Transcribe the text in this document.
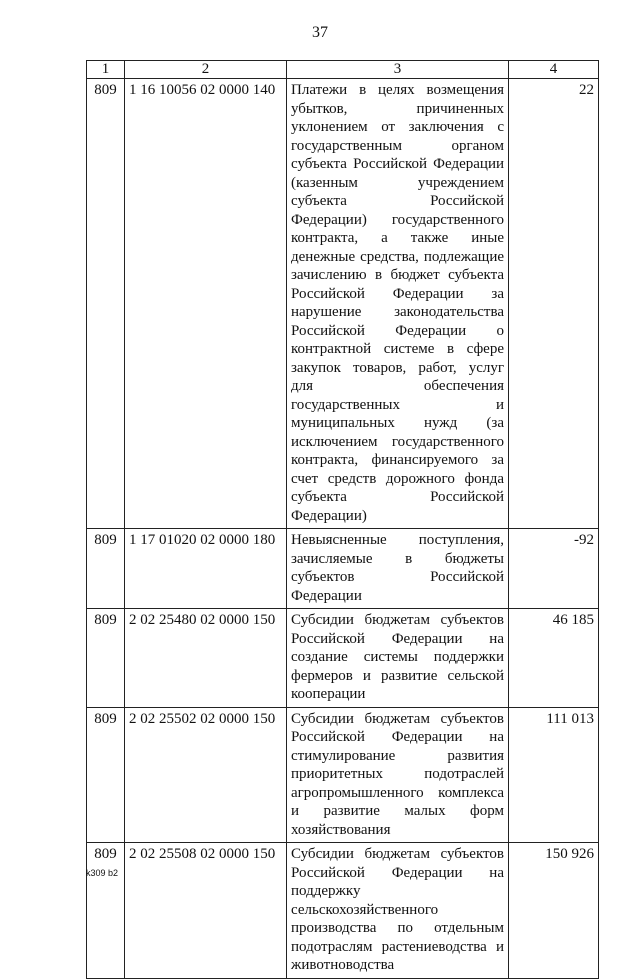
37
1	2	3	4
809	1 16 10056 02 0000 140	Платежи в целях возмещения убытков, причиненных уклонением от заключения с государственным органом субъекта Российской Федерации (казенным учреждением субъекта Российской Федерации) государственного контракта, а также иные денежные средства, подлежащие зачислению в бюджет субъекта Российской Федерации за нарушение законодательства Российской Федерации о контрактной системе в сфере закупок товаров, работ, услуг для обеспечения государственных и муниципальных нужд (за исключением государственного контракта, финансируемого за счет средств дорожного фонда субъекта Российской Федерации)	22
809	1 17 01020 02 0000 180	Невыясненные поступления, зачисляемые в бюджеты субъектов Российской Федерации	-92
809	2 02 25480 02 0000 150	Субсидии бюджетам субъектов Российской Федерации на создание системы поддержки фермеров и развитие сельской кооперации	46 185
809	2 02 25502 02 0000 150	Субсидии бюджетам субъектов Российской Федерации на стимулирование развития приоритетных подотраслей агропромышленного комплекса и развитие малых форм хозяйствования	111 013
809	2 02 25508 02 0000 150	Субсидии бюджетам субъектов Российской Федерации на поддержку сельскохозяйственного производства по отдельным подотраслям растениеводства и животноводства	150 926
k309 b2
